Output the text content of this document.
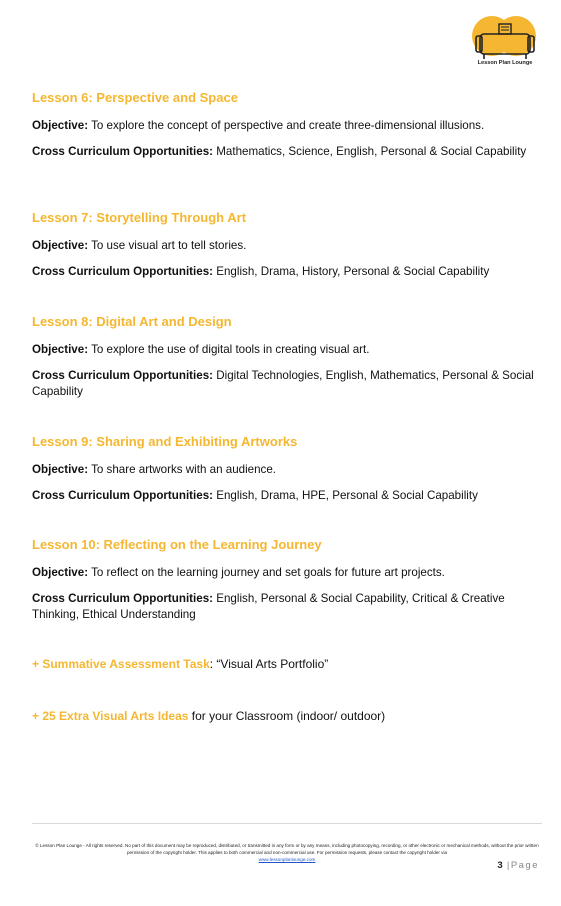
Lesson Plan Lounge
Lesson 6: Perspective and Space
Objective: To explore the concept of perspective and create three-dimensional illusions.
Cross Curriculum Opportunities: Mathematics, Science, English, Personal & Social Capability
Lesson 7: Storytelling Through Art
Objective: To use visual art to tell stories.
Cross Curriculum Opportunities: English, Drama, History, Personal & Social Capability
Lesson 8: Digital Art and Design
Objective: To explore the use of digital tools in creating visual art.
Cross Curriculum Opportunities: Digital Technologies, English, Mathematics, Personal & Social Capability
Lesson 9: Sharing and Exhibiting Artworks
Objective: To share artworks with an audience.
Cross Curriculum Opportunities: English, Drama, HPE, Personal & Social Capability
Lesson 10: Reflecting on the Learning Journey
Objective: To reflect on the learning journey and set goals for future art projects.
Cross Curriculum Opportunities: English, Personal & Social Capability, Critical & Creative Thinking, Ethical Understanding
+ Summative Assessment Task: “Visual Arts Portfolio”
+ 25 Extra Visual Arts Ideas for your Classroom (indoor/ outdoor)
© Lesson Plan Lounge - All rights reserved. No part of this document may be reproduced, distributed, or transmitted in any form or by any means, including photocopying, recording, or other electronic or mechanical methods, without the prior written permission of the copyright holder. This applies to both commercial and non-commercial use. For permission requests, please contact the copyright holder via
www.lessonplanlounge.com
3 |Page
